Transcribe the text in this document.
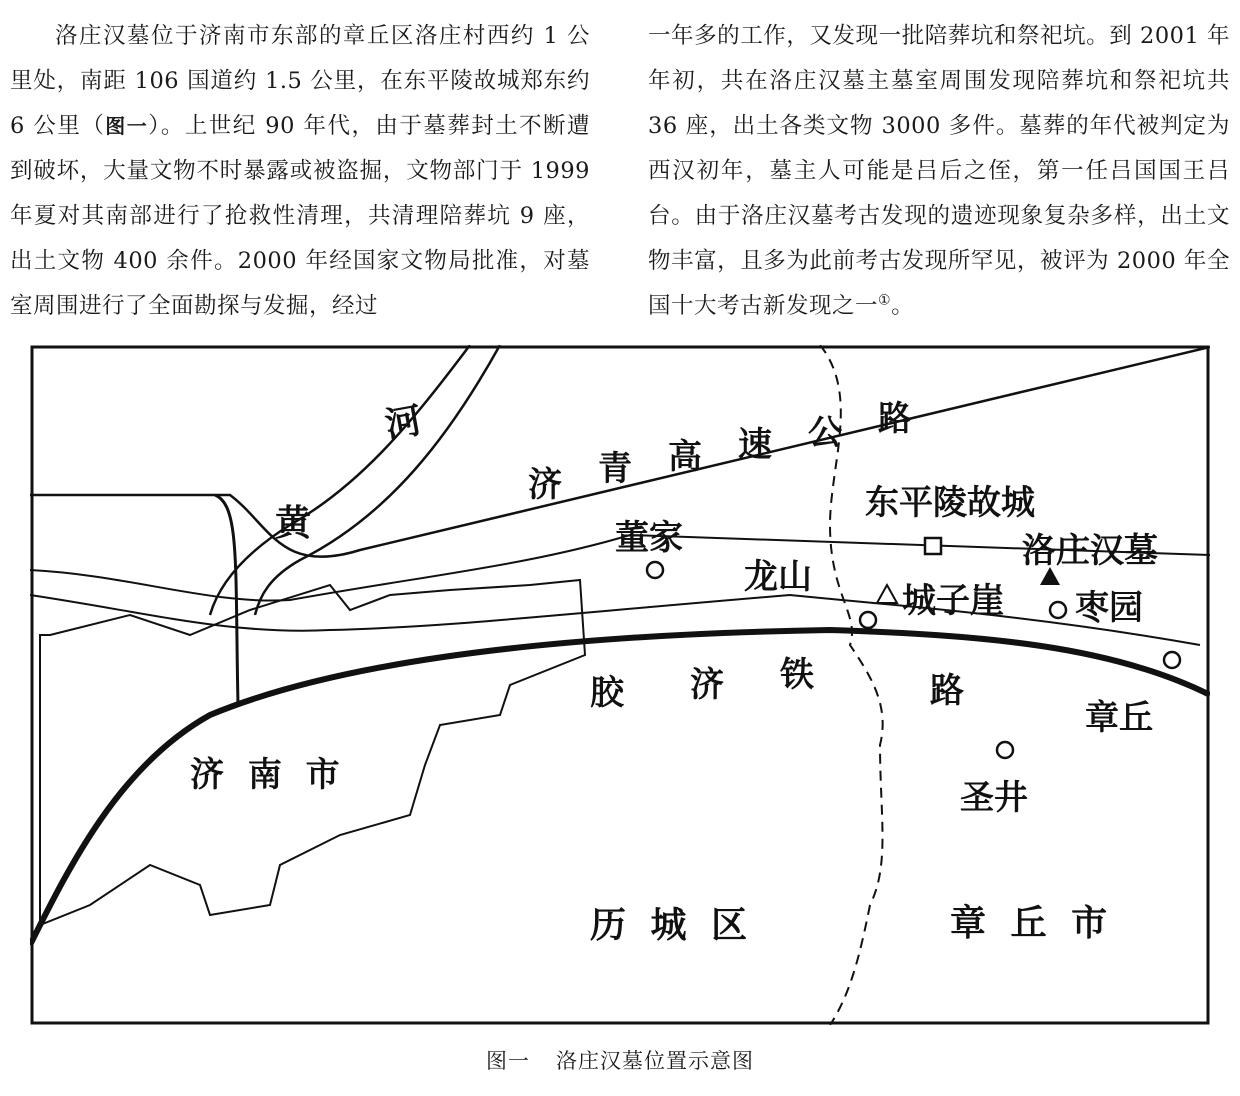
洛庄汉墓位于济南市东部的章丘区洛庄村西约 1 公里处，南距 106 国道约 1.5 公里，在东平陵故城郑东约 6 公里（图一）。上世纪 90 年代，由于墓葬封土不断遭到破坏，大量文物不时暴露或被盗掘，文物部门于 1999 年夏对其南部进行了抢救性清理，共清理陪葬坑 9 座，出土文物 400 余件。2000 年经国家文物局批准，对墓室周围进行了全面勘探与发掘，经过

一年多的工作，又发现一批陪葬坑和祭祀坑。到 2001 年年初，共在洛庄汉墓主墓室周围发现陪葬坑和祭祀坑共 36 座，出土各类文物 3000 多件。墓葬的年代被判定为西汉初年，墓主人可能是吕后之侄，第一任吕国国王吕台。由于洛庄汉墓考古发现的遗迹现象复杂多样，出土文物丰富，且多为此前考古发现所罕见，被评为 2000 年全国十大考古新发现之一①。

河
黄
济 青 高 速 公 路
董家
东平陵故城
洛庄汉墓
龙山
城子崖 枣园
胶 济 铁	路
章丘
济 南 市
圣井
历 城 区	章 丘 市
图一 洛庄汉墓位置示意图
